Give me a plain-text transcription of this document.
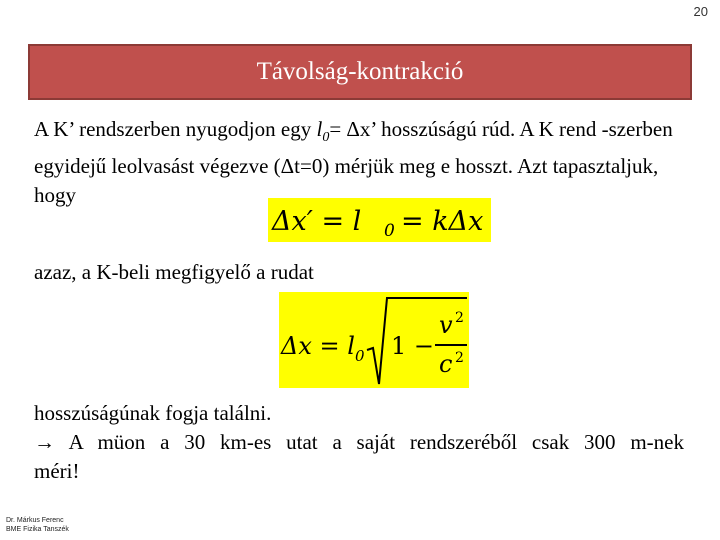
20
Távolság-kontrakció
A K’ rendszerben nyugodjon egy $l_0= \Delta x$’ hosszúságú rúd. A K rend -szerben egyidejű leolvasást végezve (Δt=0) mérjük meg e hosszt. Azt tapasztaljuk, hogy
Δ𝑥′ = 𝑙 0 = 𝑘Δ𝑥
azaz, a K-beli megfigyelő a rudat
Δ𝑥 = 𝑙 0 1 −
𝑣 2
𝑐 2
hosszúságúnak fogja találni.
→ A müon a 30 km-es utat a saját rendszeréből csak 300 m-nek
méri!
Dr. Márkus Ferenc
BME Fizika Tanszék
